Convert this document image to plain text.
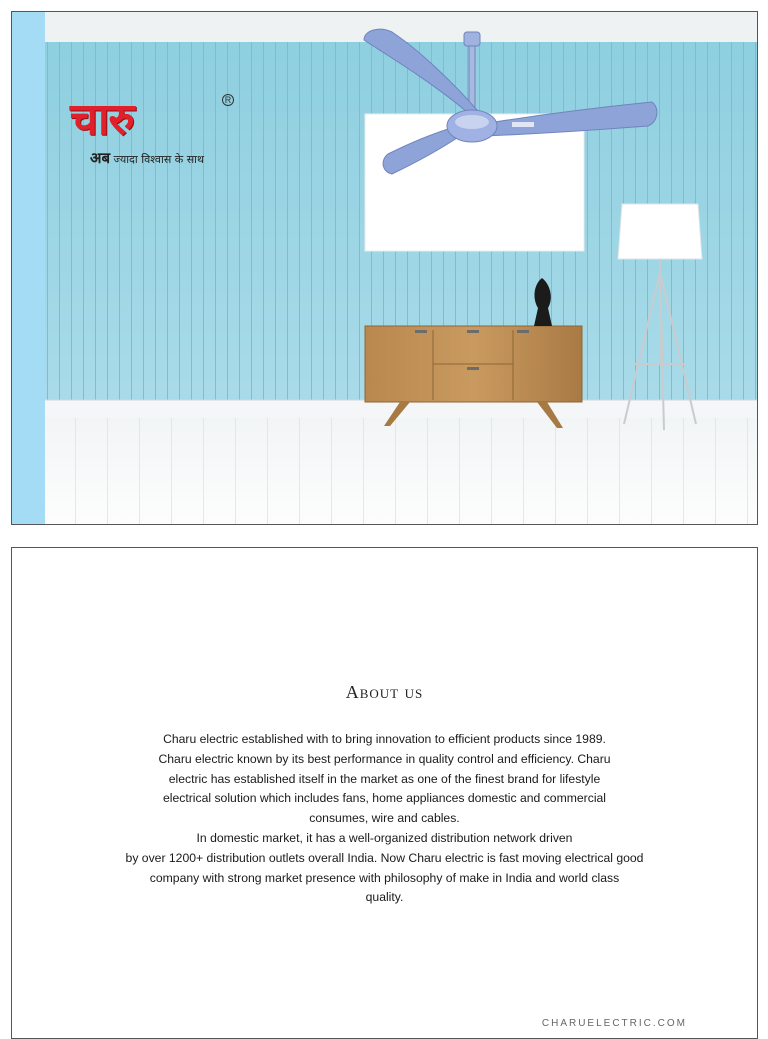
चारु	R
अब ज्यादा विश्वास के साथ
About us

Charu electric established with to bring innovation to efficient products since 1989.

Charu electric known by its best performance in quality control and efficiency. Charu

electric has established itself in the market as one of the finest brand for lifestyle

electrical solution which includes fans, home appliances domestic and commercial

consumes, wire and cables.

In domestic market, it has a well-organized distribution network driven

by over 1200+ distribution outlets overall India. Now Charu electric is fast moving electrical good

company with strong market presence with philosophy of make in India and world class

quality.

CHARUELECTRIC.COM
